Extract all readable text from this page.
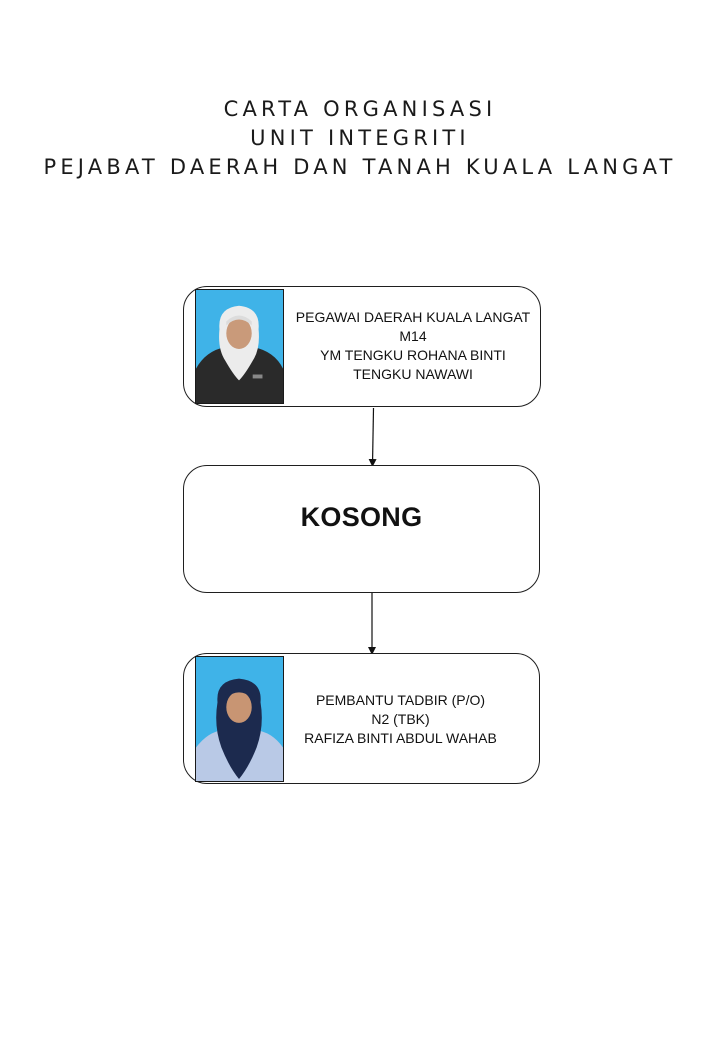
CARTA ORGANISASI
UNIT INTEGRITI
PEJABAT DAERAH DAN TANAH KUALA LANGAT
PEGAWAI DAERAH KUALA LANGAT
M14
YM TENGKU ROHANA BINTI
TENGKU NAWAWI
KOSONG
PEMBANTU TADBIR (P/O)
N2 (TBK)
RAFIZA BINTI ABDUL WAHAB
